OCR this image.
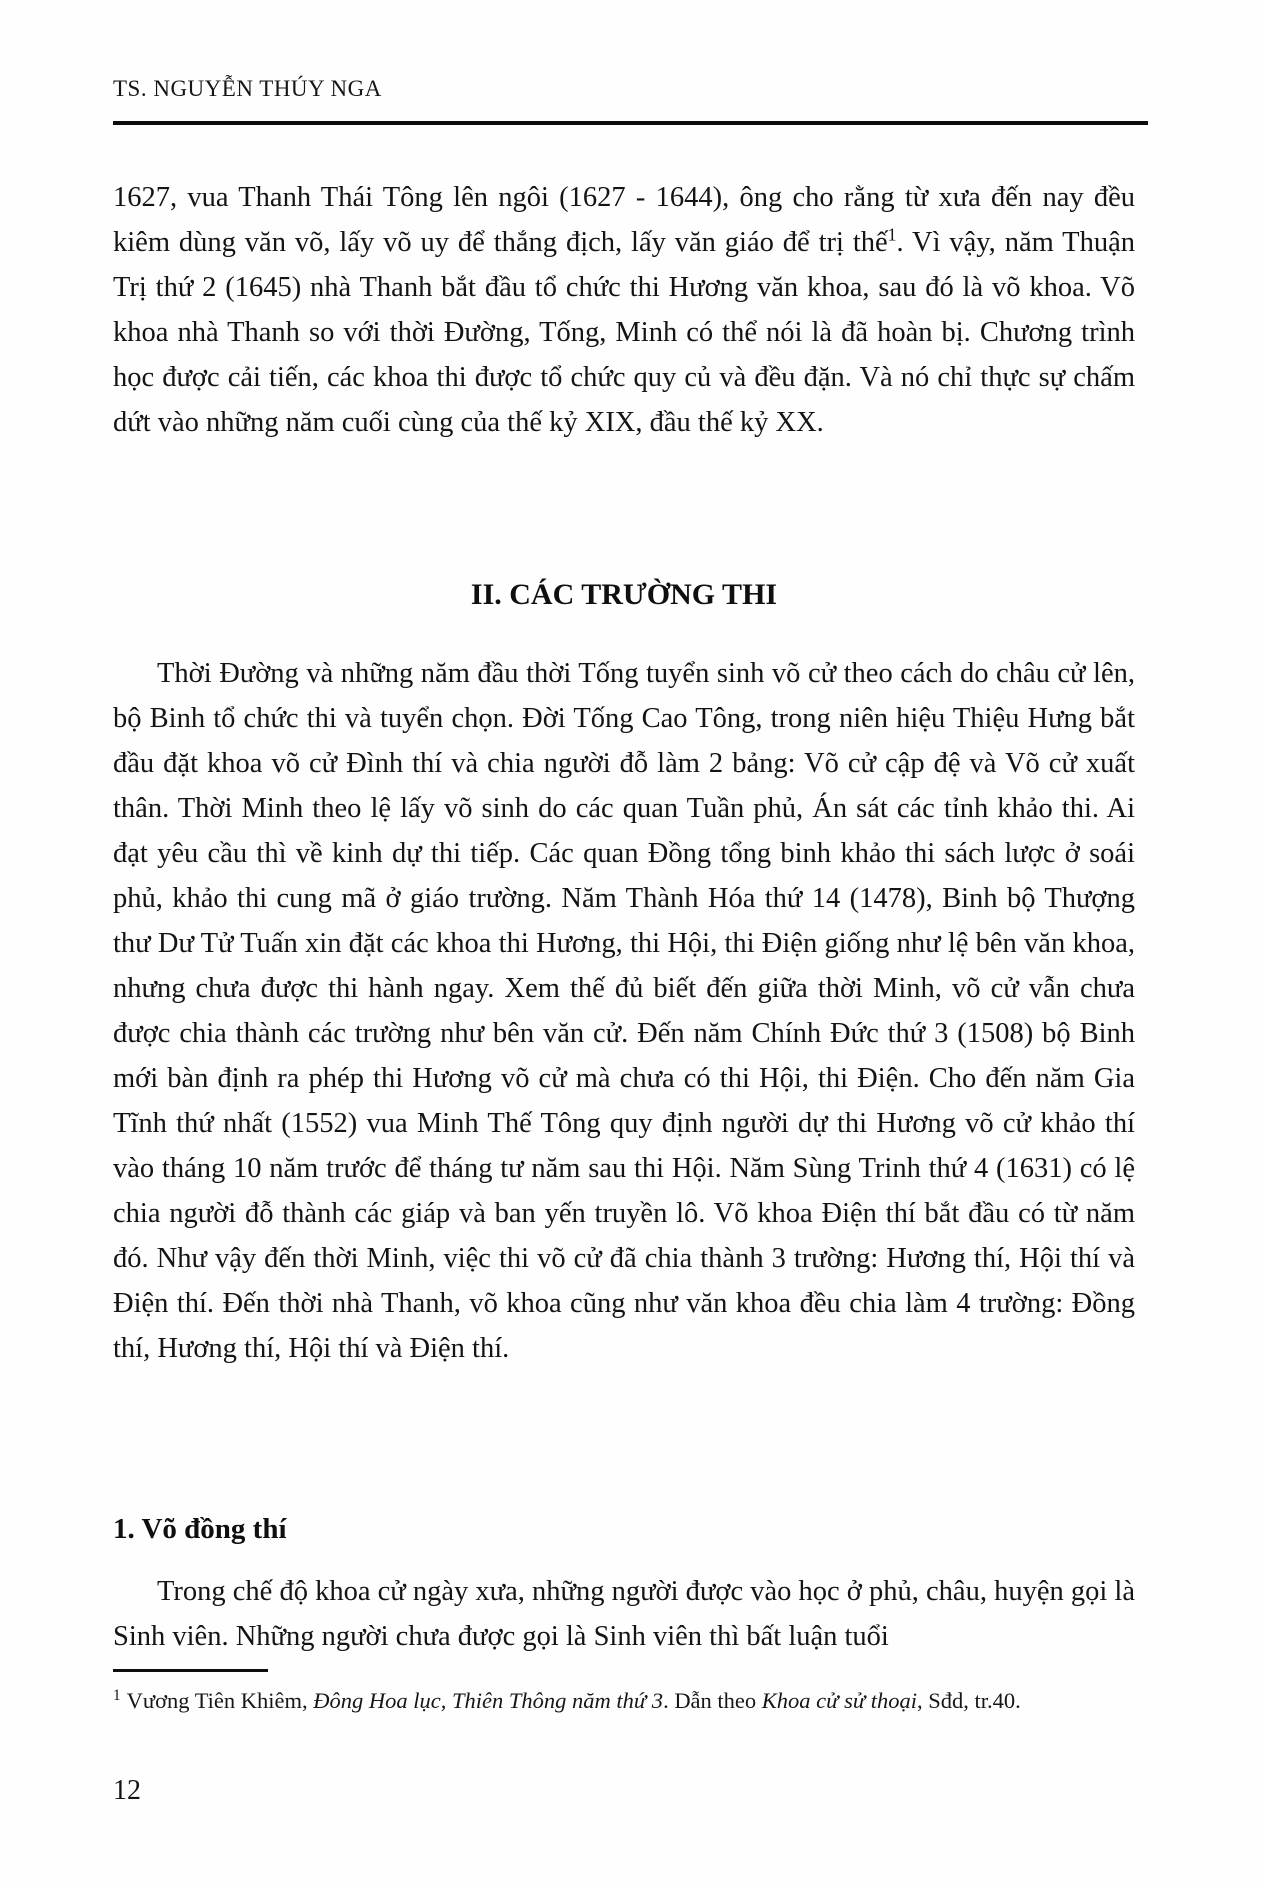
TS. NGUYỄN THÚY NGA

1627, vua Thanh Thái Tông lên ngôi (1627 - 1644), ông cho rằng từ xưa đến nay đều kiêm dùng văn võ, lấy võ uy để thắng địch, lấy văn giáo để trị thế$^1$. Vì vậy, năm Thuận Trị thứ 2 (1645) nhà Thanh bắt đầu tổ chức thi Hương văn khoa, sau đó là võ khoa. Võ khoa nhà Thanh so với thời Đường, Tống, Minh có thể nói là đã hoàn bị. Chương trình học được cải tiến, các khoa thi được tổ chức quy củ và đều đặn. Và nó chỉ thực sự chấm dứt vào những năm cuối cùng của thế kỷ XIX, đầu thế kỷ XX.

II. CÁC TRƯỜNG THI

Thời Đường và những năm đầu thời Tống tuyển sinh võ cử theo cách do châu cử lên, bộ Binh tổ chức thi và tuyển chọn. Đời Tống Cao Tông, trong niên hiệu Thiệu Hưng bắt đầu đặt khoa võ cử Đình thí và chia người đỗ làm 2 bảng: Võ cử cập đệ và Võ cử xuất thân. Thời Minh theo lệ lấy võ sinh do các quan Tuần phủ, Án sát các tỉnh khảo thi. Ai đạt yêu cầu thì về kinh dự thi tiếp. Các quan Đồng tổng binh khảo thi sách lược ở soái phủ, khảo thi cung mã ở giáo trường. Năm Thành Hóa thứ 14 (1478), Binh bộ Thượng thư Dư Tử Tuấn xin đặt các khoa thi Hương, thi Hội, thi Điện giống như lệ bên văn khoa, nhưng chưa được thi hành ngay. Xem thế đủ biết đến giữa thời Minh, võ cử vẫn chưa được chia thành các trường như bên văn cử. Đến năm Chính Đức thứ 3 (1508) bộ Binh mới bàn định ra phép thi Hương võ cử mà chưa có thi Hội, thi Điện. Cho đến năm Gia Tĩnh thứ nhất (1552) vua Minh Thế Tông quy định người dự thi Hương võ cử khảo thí vào tháng 10 năm trước để tháng tư năm sau thi Hội. Năm Sùng Trinh thứ 4 (1631) có lệ chia người đỗ thành các giáp và ban yến truyền lô. Võ khoa Điện thí bắt đầu có từ năm đó. Như vậy đến thời Minh, việc thi võ cử đã chia thành 3 trường: Hương thí, Hội thí và Điện thí. Đến thời nhà Thanh, võ khoa cũng như văn khoa đều chia làm 4 trường: Đồng thí, Hương thí, Hội thí và Điện thí.

1. Võ đồng thí

Trong chế độ khoa cử ngày xưa, những người được vào học ở phủ, châu, huyện gọi là Sinh viên. Những người chưa được gọi là Sinh viên thì bất luận tuổi

$^1$ Vương Tiên Khiêm, Đông Hoa lục, Thiên Thông năm thứ 3. Dẫn theo Khoa cử sử thoại, Sđd, tr.40.
12
